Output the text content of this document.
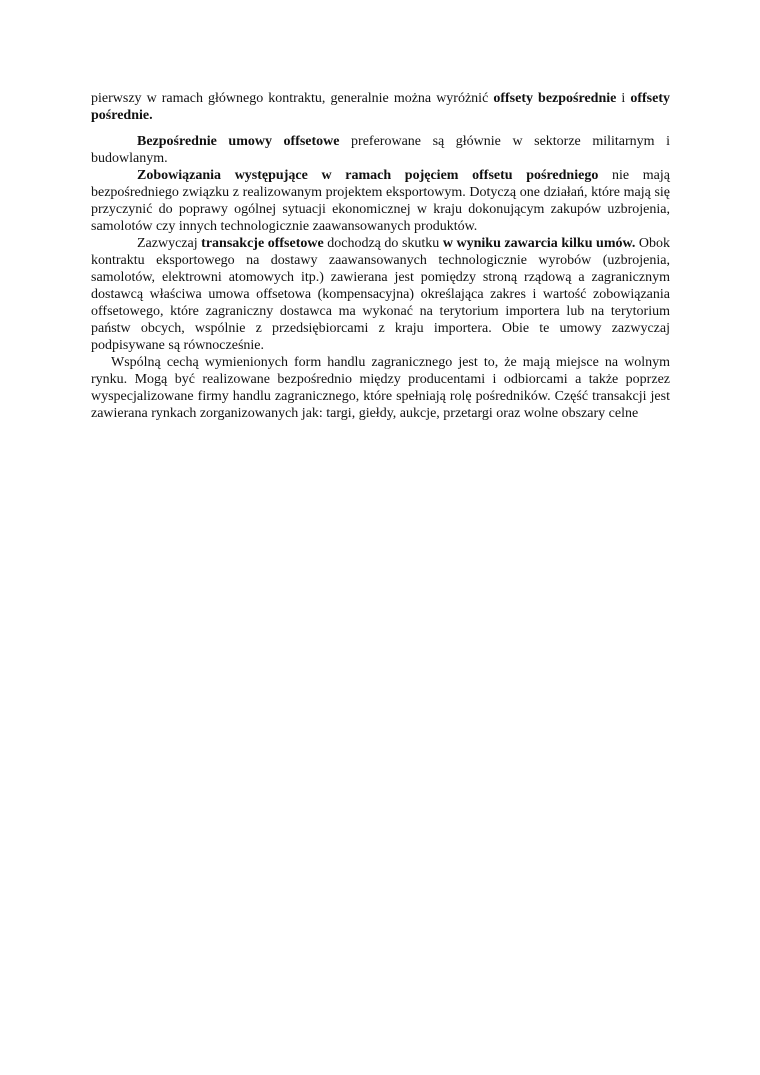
pierwszy w ramach głównego kontraktu, generalnie można wyróżnić offsety bezpośrednie i offsety pośrednie.

Bezpośrednie umowy offsetowe preferowane są głównie w sektorze militarnym i budowlanym.

Zobowiązania występujące w ramach pojęciem offsetu pośredniego nie mają bezpośredniego związku z realizowanym projektem eksportowym. Dotyczą one działań, które mają się przyczynić do poprawy ogólnej sytuacji ekonomicznej w kraju dokonującym zakupów uzbrojenia, samolotów czy innych technologicznie zaawansowanych produktów.

Zazwyczaj transakcje offsetowe dochodzą do skutku w wyniku zawarcia kilku umów. Obok kontraktu eksportowego na dostawy zaawansowanych technologicznie wyrobów (uzbrojenia, samolotów, elektrowni atomowych itp.) zawierana jest pomiędzy stroną rządową a zagranicznym dostawcą właściwa umowa offsetowa (kompensacyjna) określająca zakres i wartość zobowiązania offsetowego, które zagraniczny dostawca ma wykonać na terytorium importera lub na terytorium państw obcych, wspólnie z przedsiębiorcami z kraju importera. Obie te umowy zazwyczaj podpisywane są równocześnie.

Wspólną cechą wymienionych form handlu zagranicznego jest to, że mają miejsce na wolnym rynku. Mogą być realizowane bezpośrednio między producentami i odbiorcami a także poprzez wyspecjalizowane firmy handlu zagranicznego, które spełniają rolę pośredników. Część transakcji jest zawierana rynkach zorganizowanych jak: targi, giełdy, aukcje, przetargi oraz wolne obszary celne
